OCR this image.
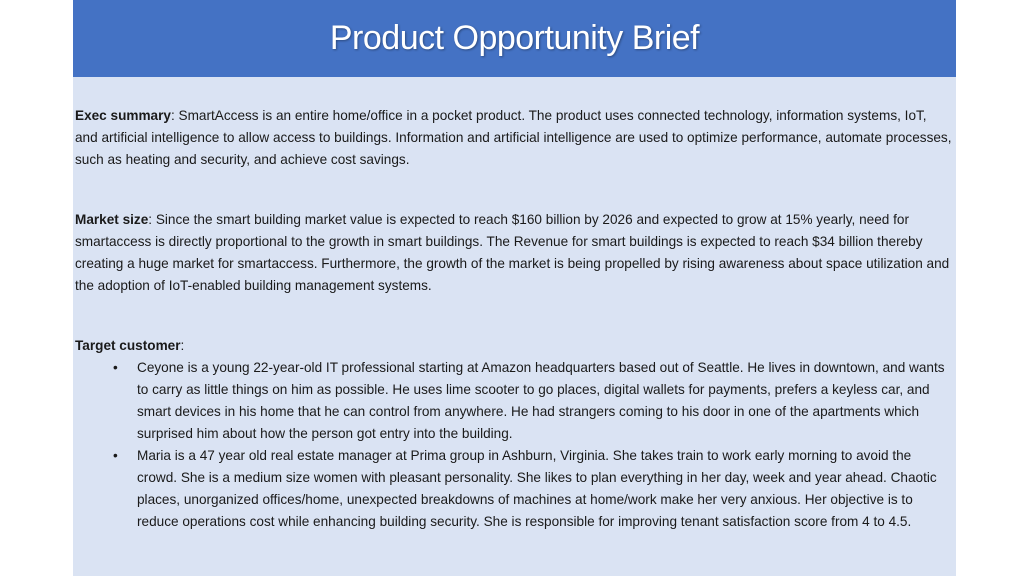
Product Opportunity Brief

Exec summary: SmartAccess is an entire home/office in a pocket product. The product uses connected technology, information systems, IoT, and artificial intelligence to allow access to buildings. Information and artificial intelligence are used to optimize performance, automate processes, such as heating and security, and achieve cost savings.

Market size: Since the smart building market value is expected to reach $160 billion by 2026 and expected to grow at 15% yearly, need for smartaccess is directly proportional to the growth in smart buildings. The Revenue for smart buildings is expected to reach $34 billion thereby creating a huge market for smartaccess. Furthermore, the growth of the market is being propelled by rising awareness about space utilization and the adoption of IoT-enabled building management systems.

Target customer:

• Ceyone is a young 22-year-old IT professional starting at Amazon headquarters based out of Seattle. He lives in downtown, and wants to carry as little things on him as possible. He uses lime scooter to go places, digital wallets for payments, prefers a keyless car, and smart devices in his home that he can control from anywhere. He had strangers coming to his door in one of the apartments which surprised him about how the person got entry into the building.
• Maria is a 47 year old real estate manager at Prima group in Ashburn, Virginia. She takes train to work early morning to avoid the crowd. She is a medium size women with pleasant personality. She likes to plan everything in her day, week and year ahead. Chaotic places, unorganized offices/home, unexpected breakdowns of machines at home/work make her very anxious. Her objective is to reduce operations cost while enhancing building security. She is responsible for improving tenant satisfaction score from 4 to 4.5.
